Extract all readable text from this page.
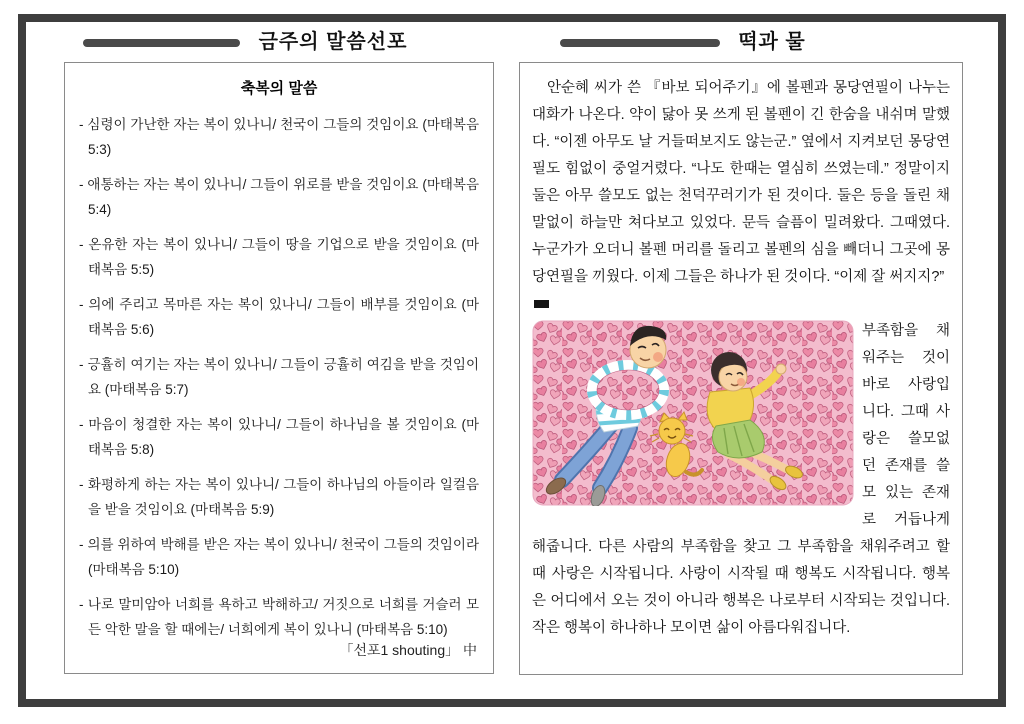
금주의 말씀선포	떡과 물
축복의 말씀

- 심령이 가난한 자는 복이 있나니/ 천국이 그들의 것임이요 (마태복음 5:3)

- 애통하는 자는 복이 있나니/ 그들이 위로를 받을 것임이요 (마태복음 5:4)

- 온유한 자는 복이 있나니/ 그들이 땅을 기업으로 받을 것임이요 (마태복음 5:5)

- 의에 주리고 목마른 자는 복이 있나니/ 그들이 배부를 것임이요 (마태복음 5:6)

- 긍휼히 여기는 자는 복이 있나니/ 그들이 긍휼히 여김을 받을 것임이요 (마태복음 5:7)

- 마음이 청결한 자는 복이 있나니/ 그들이 하나님을 볼 것임이요 (마태복음 5:8)

- 화평하게 하는 자는 복이 있나니/ 그들이 하나님의 아들이라 일컬음을 받을 것임이요 (마태복음 5:9)

- 의를 위하여 박해를 받은 자는 복이 있나니/ 천국이 그들의 것임이라 (마태복음 5:10)

- 나로 말미암아 너희를 욕하고 박해하고/ 거짓으로 너희를 거슬러 모든 악한 말을 할 때에는/ 너희에게 복이 있나니 (마태복음 5:10)

「선포1 shouting」 中

안순혜 씨가 쓴 『바보 되어주기』에 볼펜과 몽당연필이 나누는 대화가 나온다. 약이 닳아 못 쓰게 된 볼펜이 긴 한숨을 내쉬며 말했다. “이젠 아무도 날 거들떠보지도 않는군.” 옆에서 지켜보던 몽당연필도 힘없이 중얼거렸다. “나도 한때는 열심히 쓰였는데.” 정말이지 둘은 아무 쓸모도 없는 천덕꾸러기가 된 것이다. 둘은 등을 돌린 채 말없이 하늘만 쳐다보고 있었다. 문득 슬픔이 밀려왔다. 그때였다. 누군가가 오더니 볼펜 머리를 돌리고 볼펜의 심을 빼더니 그곳에 몽당연필을 끼웠다. 이제 그들은 하나가 된 것이다. “이제 잘 써지지?”

부족함을 채워주는 것이 바로 사랑입니다. 그때 사랑은 쓸모없던 존재를 쓸모 있는 존재로 거듭나게 해줍니다. 다른 사람의 부족함을 찾고 그 부족함을 채워주려고 할 때 사랑은 시작됩니다. 사랑이 시작될 때 행복도 시작됩니다. 행복은 어디에서 오는 것이 아니라 행복은 나로부터 시작되는 것입니다. 작은 행복이 하나하나 모이면 삶이 아름다워집니다.
